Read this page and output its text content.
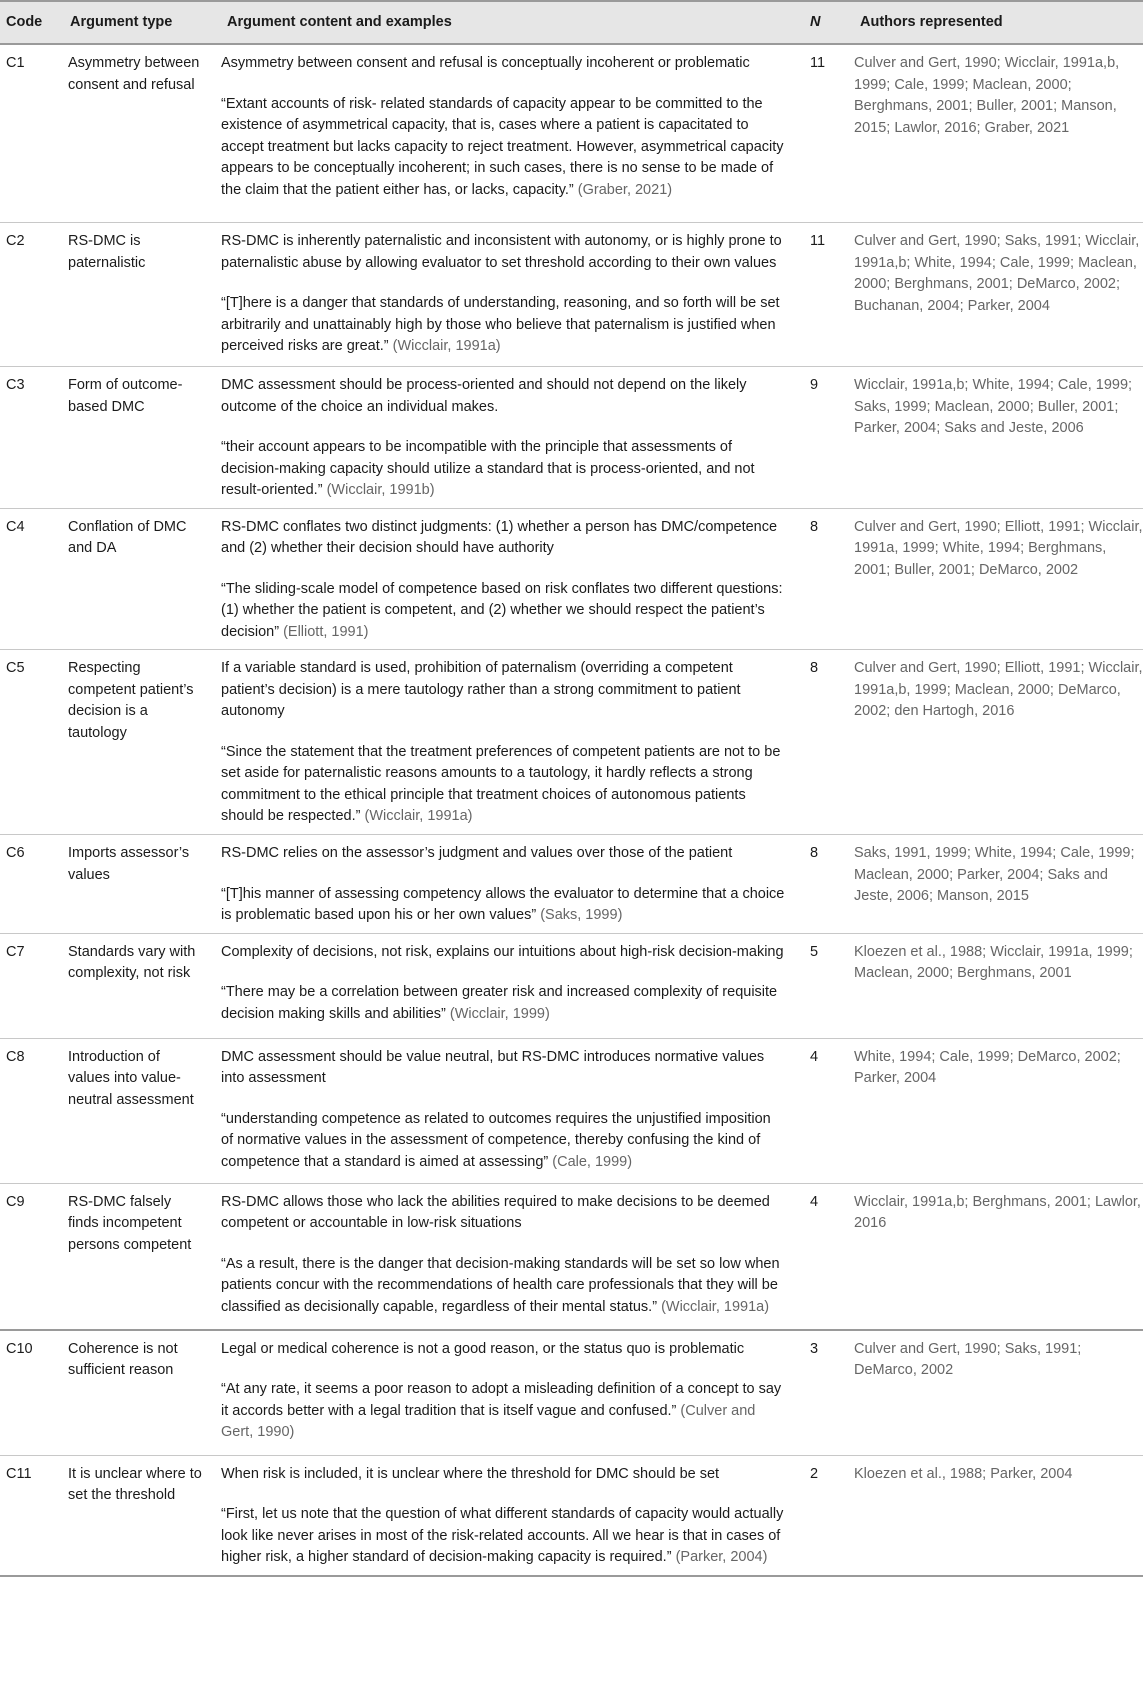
Code	Argument type	Argument content and examples	N	Authors represented
C1	Asymmetry between consent and refusal	Asymmetry between consent and refusal is conceptually incoherent or problematic

“Extant accounts of risk- related standards of capacity appear to be committed to the existence of asymmetrical capacity, that is, cases where a patient is capacitated to accept treatment but lacks capacity to reject treatment. However, asymmetrical capacity appears to be conceptually incoherent; in such cases, there is no sense to be made of the claim that the patient either has, or lacks, capacity.” (Graber, 2021)	11	Culver and Gert, 1990; Wicclair, 1991a,b, 1999; Cale, 1999; Maclean, 2000; Berghmans, 2001; Buller, 2001; Manson, 2015; Lawlor, 2016; Graber, 2021
C2	RS-DMC is paternalistic	RS-DMC is inherently paternalistic and inconsistent with autonomy, or is highly prone to paternalistic abuse by allowing evaluator to set threshold according to their own values

“[T]here is a danger that standards of understanding, reasoning, and so forth will be set arbitrarily and unattainably high by those who believe that paternalism is justified when perceived risks are great.” (Wicclair, 1991a)	11	Culver and Gert, 1990; Saks, 1991; Wicclair, 1991a,b; White, 1994; Cale, 1999; Maclean, 2000; Berghmans, 2001; DeMarco, 2002; Buchanan, 2004; Parker, 2004
C3	Form of outcome-based DMC	DMC assessment should be process-oriented and should not depend on the likely outcome of the choice an individual makes.

“their account appears to be incompatible with the principle that assessments of decision-making capacity should utilize a standard that is process-oriented, and not result-oriented.” (Wicclair, 1991b)	9	Wicclair, 1991a,b; White, 1994; Cale, 1999; Saks, 1999; Maclean, 2000; Buller, 2001; Parker, 2004; Saks and Jeste, 2006
C4	Conflation of DMC and DA	RS-DMC conflates two distinct judgments: (1) whether a person has DMC/competence and (2) whether their decision should have authority

“The sliding-scale model of competence based on risk conflates two different questions: (1) whether the patient is competent, and (2) whether we should respect the patient’s decision” (Elliott, 1991)	8	Culver and Gert, 1990; Elliott, 1991; Wicclair, 1991a, 1999; White, 1994; Berghmans, 2001; Buller, 2001; DeMarco, 2002
C5	Respecting competent patient’s decision is a tautology	If a variable standard is used, prohibition of paternalism (overriding a competent patient’s decision) is a mere tautology rather than a strong commitment to patient autonomy

“Since the statement that the treatment preferences of competent patients are not to be set aside for paternalistic reasons amounts to a tautology, it hardly reflects a strong commitment to the ethical principle that treatment choices of autonomous patients should be respected.” (Wicclair, 1991a)	8	Culver and Gert, 1990; Elliott, 1991; Wicclair, 1991a,b, 1999; Maclean, 2000; DeMarco, 2002; den Hartogh, 2016
C6	Imports assessor’s values	RS-DMC relies on the assessor’s judgment and values over those of the patient

“[T]his manner of assessing competency allows the evaluator to determine that a choice is problematic based upon his or her own values” (Saks, 1999)	8	Saks, 1991, 1999; White, 1994; Cale, 1999; Maclean, 2000; Parker, 2004; Saks and Jeste, 2006; Manson, 2015
C7	Standards vary with complexity, not risk	Complexity of decisions, not risk, explains our intuitions about high-risk decision-making

“There may be a correlation between greater risk and increased complexity of requisite decision making skills and abilities” (Wicclair, 1999)	5	Kloezen et al., 1988; Wicclair, 1991a, 1999; Maclean, 2000; Berghmans, 2001
C8	Introduction of values into value-neutral assessment	DMC assessment should be value neutral, but RS-DMC introduces normative values into assessment

“understanding competence as related to outcomes requires the unjustified imposition of normative values in the assessment of competence, thereby confusing the kind of competence that a standard is aimed at assessing” (Cale, 1999)	4	White, 1994; Cale, 1999; DeMarco, 2002; Parker, 2004
C9	RS-DMC falsely finds incompetent persons competent	RS-DMC allows those who lack the abilities required to make decisions to be deemed competent or accountable in low-risk situations

“As a result, there is the danger that decision-making standards will be set so low when patients concur with the recommendations of health care professionals that they will be classified as decisionally capable, regardless of their mental status.” (Wicclair, 1991a)	4	Wicclair, 1991a,b; Berghmans, 2001; Lawlor, 2016
C10	Coherence is not sufficient reason	Legal or medical coherence is not a good reason, or the status quo is problematic

“At any rate, it seems a poor reason to adopt a misleading definition of a concept to say it accords better with a legal tradition that is itself vague and confused.” (Culver and Gert, 1990)	3	Culver and Gert, 1990; Saks, 1991; DeMarco, 2002
C11	It is unclear where to set the threshold	When risk is included, it is unclear where the threshold for DMC should be set

“First, let us note that the question of what different standards of capacity would actually look like never arises in most of the risk-related accounts. All we hear is that in cases of higher risk, a higher standard of decision-making capacity is required.” (Parker, 2004)	2	Kloezen et al., 1988; Parker, 2004
